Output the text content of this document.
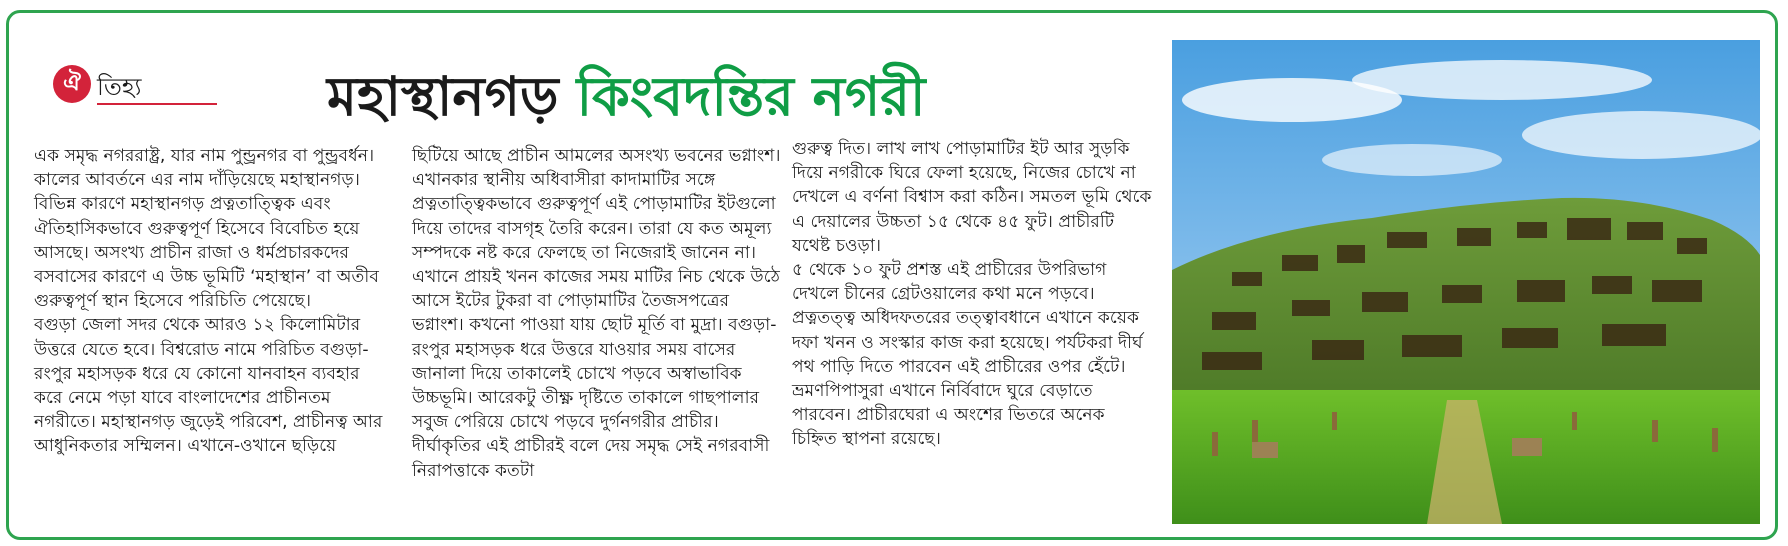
ঐ তিহ্য	মহাস্থানগড় কিংবদন্তির নগরী

এক সমৃদ্ধ নগররাষ্ট্র, যার নাম পুন্ড্রনগর বা পুন্ড্রবর্ধন। কালের আবর্তনে এর নাম দাঁড়িয়েছে মহাস্থানগড়।

বিভিন্ন কারণে মহাস্থানগড় প্রত্নতাত্ত্বিক এবং ঐতিহাসিকভাবে গুরুত্বপূর্ণ হিসেবে বিবেচিত হয়ে আসছে। অসংখ্য প্রাচীন রাজা ও ধর্মপ্রচারকদের বসবাসের কারণে এ উচ্চ ভূমিটি ‘মহাস্থান’ বা অতীব গুরুত্বপূর্ণ স্থান হিসেবে পরিচিতি পেয়েছে।

বগুড়া জেলা সদর থেকে আরও ১২ কিলোমিটার উত্তরে যেতে হবে। বিশ্বরোড নামে পরিচিত বগুড়া-রংপুর মহাসড়ক ধরে যে কোনো যানবাহন ব্যবহার করে নেমে পড়া যাবে বাংলাদেশের প্রাচীনতম নগরীতে। মহাস্থানগড় জুড়েই পরিবেশ, প্রাচীনত্ব আর আধুনিকতার সম্মিলন। এখানে-ওখানে ছড়িয়ে

ছিটিয়ে আছে প্রাচীন আমলের অসংখ্য ভবনের ভগ্নাংশ। এখানকার স্থানীয় অধিবাসীরা কাদামাটির সঙ্গে প্রত্নতাত্ত্বিকভাবে গুরুত্বপূর্ণ এই পোড়ামাটির ইটগুলো দিয়ে তাদের বাসগৃহ তৈরি করেন। তারা যে কত অমূল্য সম্পদকে নষ্ট করে ফেলছে তা নিজেরাই জানেন না। এখানে প্রায়ই খনন কাজের সময় মাটির নিচ থেকে উঠে আসে ইটের টুকরা বা পোড়ামাটির তৈজসপত্রের ভগ্নাংশ। কখনো পাওয়া যায় ছোট মূর্তি বা মুদ্রা। বগুড়া-রংপুর মহাসড়ক ধরে উত্তরে যাওয়ার সময় বাসের জানালা দিয়ে তাকালেই চোখে পড়বে অস্বাভাবিক উচ্চভূমি। আরেকটু তীক্ষ্ণ দৃষ্টিতে তাকালে গাছপালার সবুজ পেরিয়ে চোখে পড়বে দুর্গনগরীর প্রাচীর। দীর্ঘাকৃতির এই প্রাচীরই বলে দেয় সমৃদ্ধ সেই নগরবাসী নিরাপত্তাকে কতটা

গুরুত্ব দিত। লাখ লাখ পোড়ামাটির ইট আর সুড়কি দিয়ে নগরীকে ঘিরে ফেলা হয়েছে, নিজের চোখে না দেখলে এ বর্ণনা বিশ্বাস করা কঠিন। সমতল ভূমি থেকে এ দেয়ালের উচ্চতা ১৫ থেকে ৪৫ ফুট। প্রাচীরটি যথেষ্ট চওড়া।

৫ থেকে ১০ ফুট প্রশস্ত এই প্রাচীরের উপরিভাগ দেখলে চীনের গ্রেটওয়ালের কথা মনে পড়বে। প্রত্নতত্ত্ব অধিদফতরের তত্ত্বাবধানে এখানে কয়েক দফা খনন ও সংস্কার কাজ করা হয়েছে। পর্যটকরা দীর্ঘ পথ পাড়ি দিতে পারবেন এই প্রাচীরের ওপর হেঁটে। ভ্রমণপিপাসুরা এখানে নির্বিবাদে ঘুরে বেড়াতে পারবেন। প্রাচীরঘেরা এ অংশের ভিতরে অনেক চিহ্নিত স্থাপনা রয়েছে।
